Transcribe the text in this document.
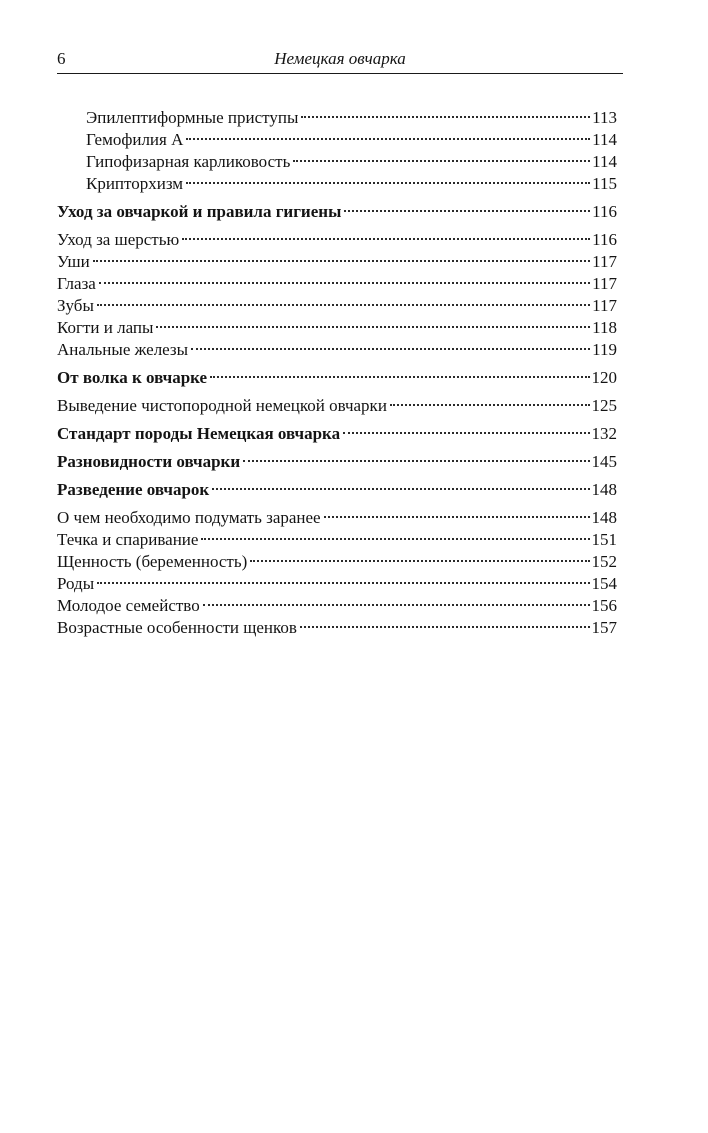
6	Немецкая овчарка
Эпилептиформные приступы	113
Гемофилия А	114
Гипофизарная карликовость	114
Крипторхизм	115
Уход за овчаркой и правила гигиены	116
Уход за шерстью	116
Уши	117
Глаза	117
Зубы	117
Когти и лапы	118
Анальные железы	119
От волка к овчарке	120
Выведение чистопородной немецкой овчарки	125
Стандарт породы Немецкая овчарка	132
Разновидности овчарки	145
Разведение овчарок	148
О чем необходимо подумать заранее	148
Течка и спаривание	151
Щенность (беременность)	152
Роды	154
Молодое семейство	156
Возрастные особенности щенков	157
